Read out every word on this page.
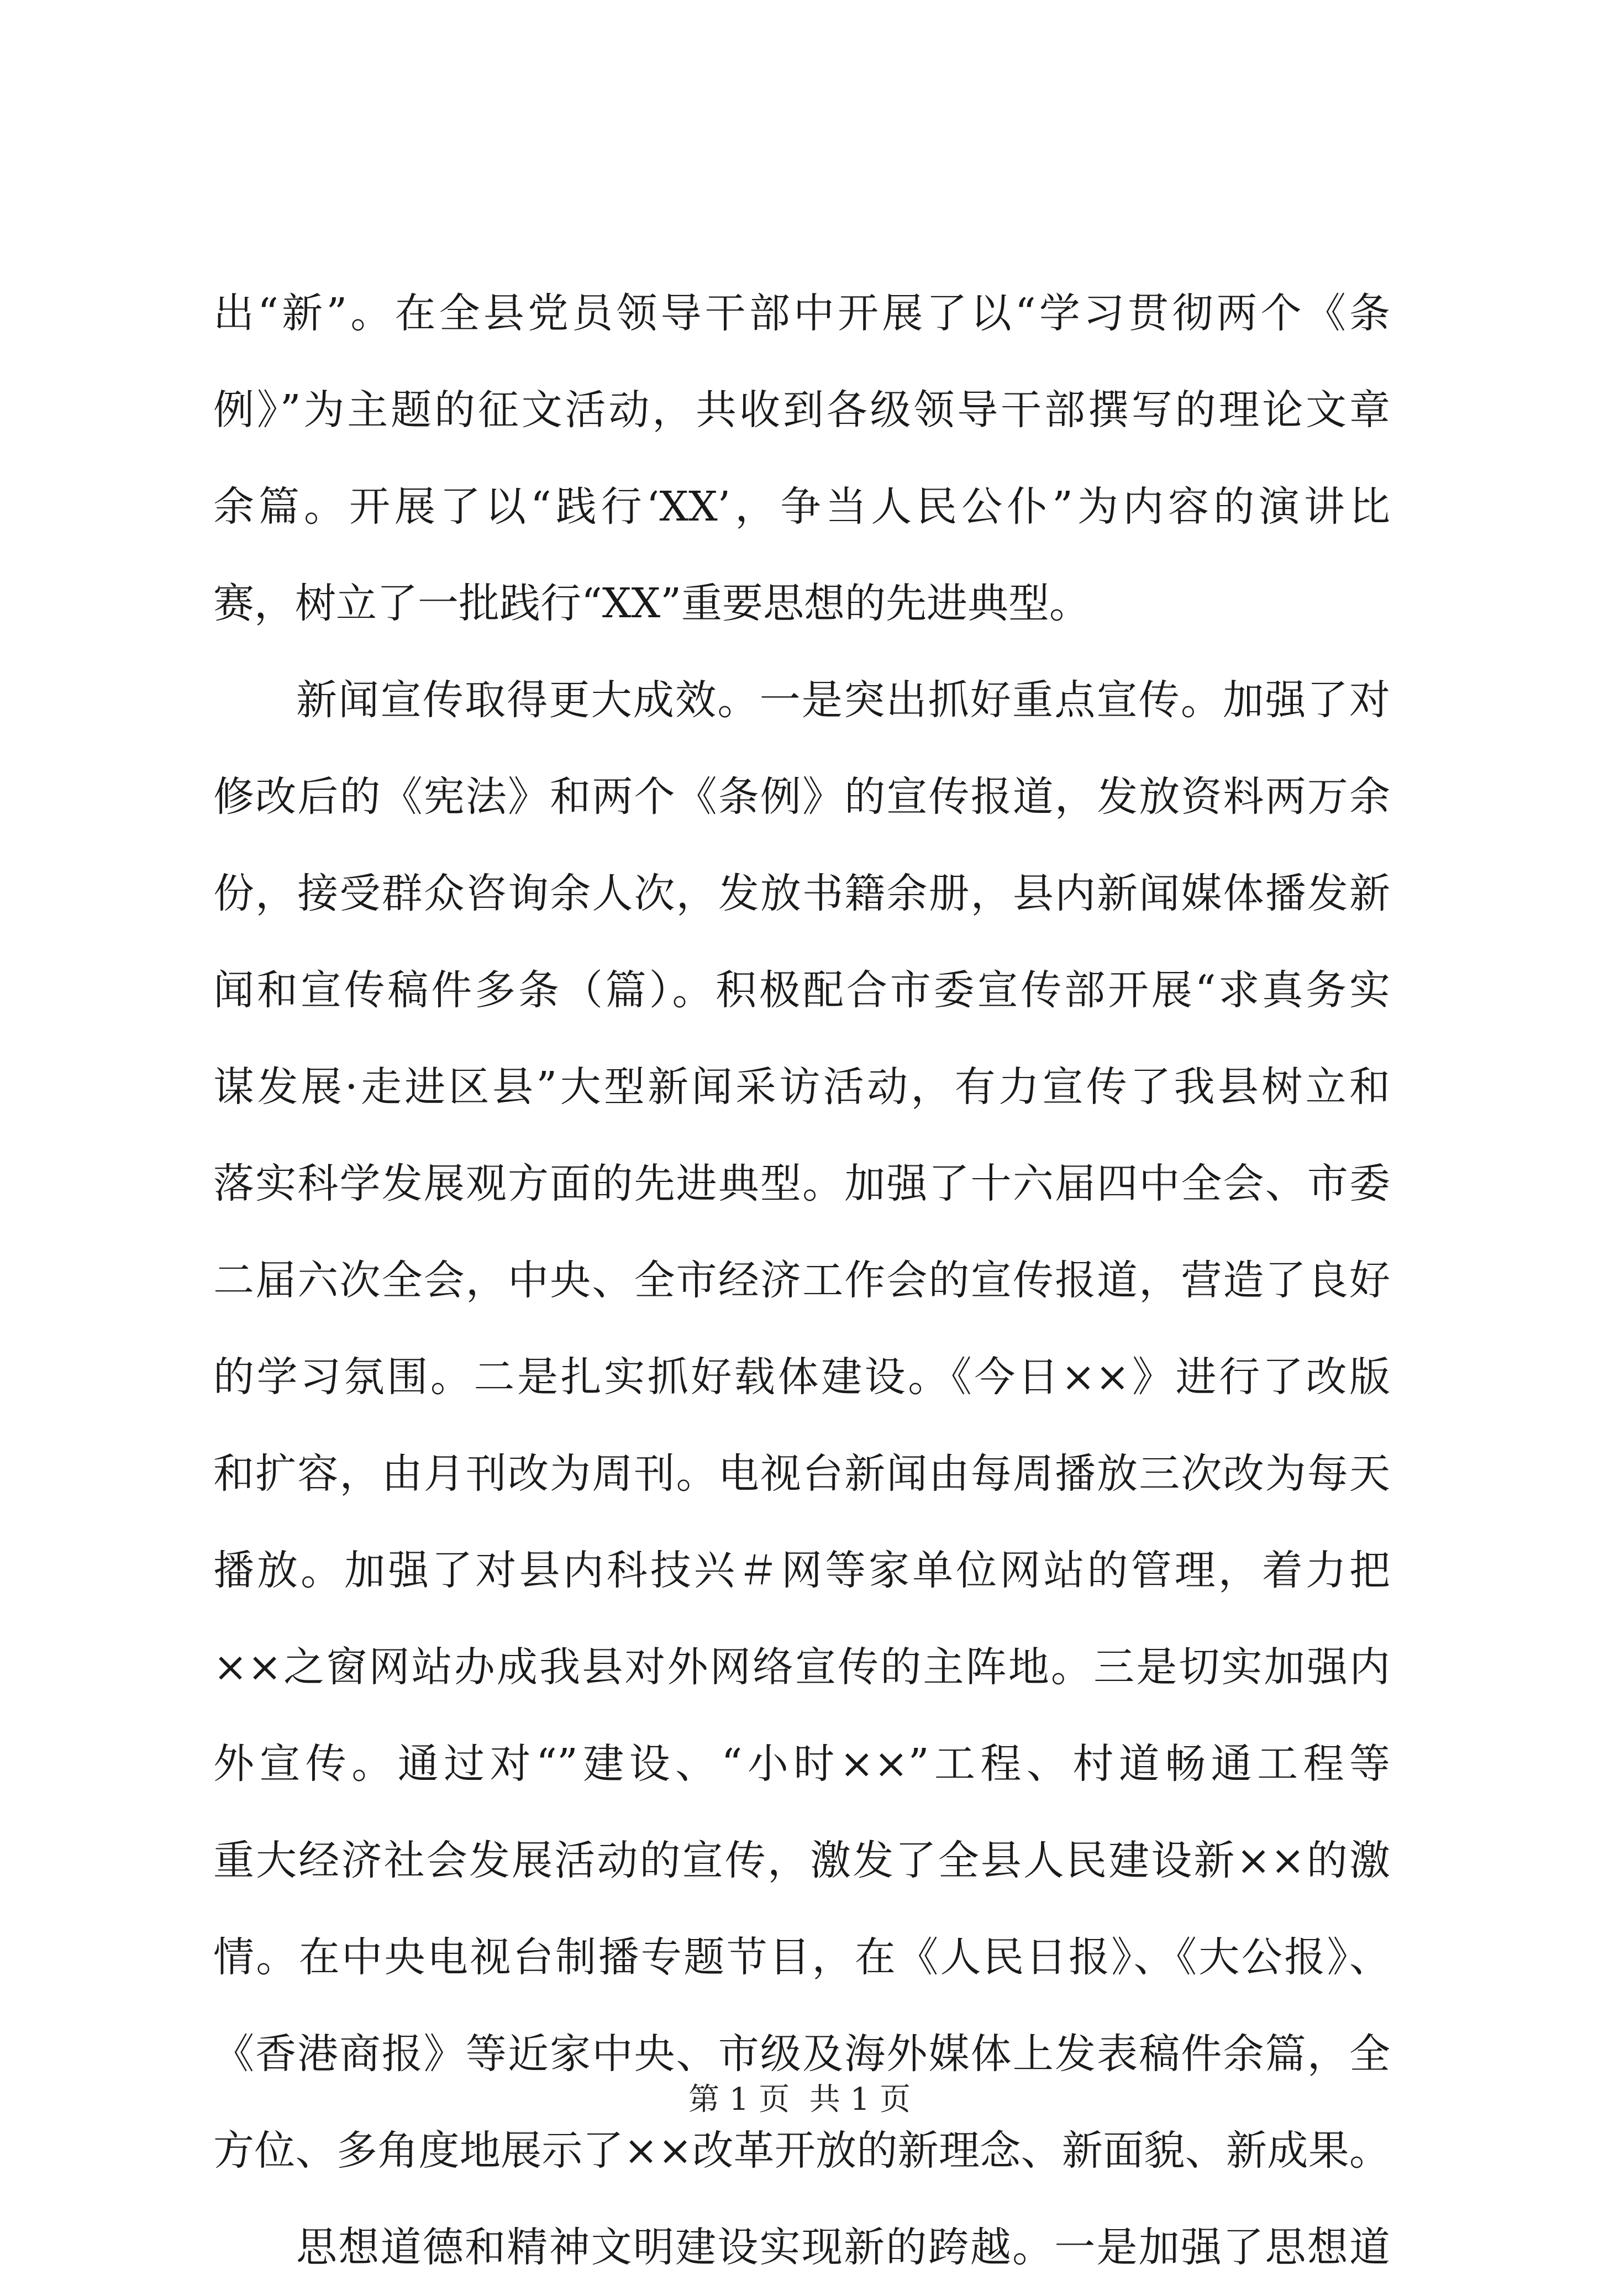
出“新”。在全县党员领导干部中开展了以“学习贯彻两个《条
例》”为主题的征文活动，共收到各级领导干部撰写的理论文章
余篇。开展了以“践行‘XX’，争当人民公仆”为内容的演讲比
赛，树立了一批践行“XX”重要思想的先进典型。
新闻宣传取得更大成效。一是突出抓好重点宣传。加强了对
修改后的《宪法》和两个《条例》的宣传报道，发放资料两万余
份，接受群众咨询余人次，发放书籍余册，县内新闻媒体播发新
闻和宣传稿件多条（篇）。积极配合市委宣传部开展“求真务实
谋发展·走进区县”大型新闻采访活动，有力宣传了我县树立和
落实科学发展观方面的先进典型。加强了十六届四中全会、市委
二届六次全会，中央、全市经济工作会的宣传报道，营造了良好
的学习氛围。二是扎实抓好载体建设。《今日××》进行了改版
和扩容，由月刊改为周刊。电视台新闻由每周播放三次改为每天
播放。加强了对县内科技兴＃网等家单位网站的管理，着力把
××之窗网站办成我县对外网络宣传的主阵地。三是切实加强内
外宣传。通过对“”建设、“小时××”工程、村道畅通工程等
重大经济社会发展活动的宣传，激发了全县人民建设新××的激
情。在中央电视台制播专题节目，在《人民日报》、《大公报》、
《香港商报》等近家中央、市级及海外媒体上发表稿件余篇，全
方位、多角度地展示了××改革开放的新理念、新面貌、新成果。
思想道德和精神文明建设实现新的跨越。一是加强了思想道
第 1 页  共 1 页
